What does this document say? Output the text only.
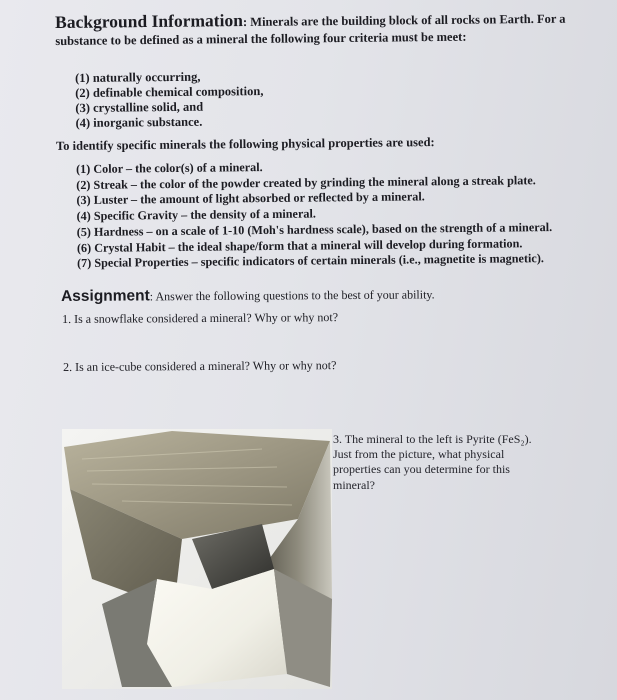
Background Information: Minerals are the building block of all rocks on Earth. For a
substance to be defined as a mineral the following four criteria must be meet:
(1) naturally occurring,
(2) definable chemical composition,
(3) crystalline solid, and
(4) inorganic substance.
To identify specific minerals the following physical properties are used:
(1) Color – the color(s) of a mineral.
(2) Streak – the color of the powder created by grinding the mineral along a streak plate.
(3) Luster – the amount of light absorbed or reflected by a mineral.
(4) Specific Gravity – the density of a mineral.
(5) Hardness – on a scale of 1-10 (Moh's hardness scale), based on the strength of a mineral.
(6) Crystal Habit – the ideal shape/form that a mineral will develop during formation.
(7) Special Properties – specific indicators of certain minerals (i.e., magnetite is magnetic).
Assignment: Answer the following questions to the best of your ability.
1. Is a snowflake considered a mineral? Why or why not?
2. Is an ice-cube considered a mineral? Why or why not?
3. The mineral to the left is Pyrite (FeS₂).
Just from the picture, what physical
properties can you determine for this
mineral?
